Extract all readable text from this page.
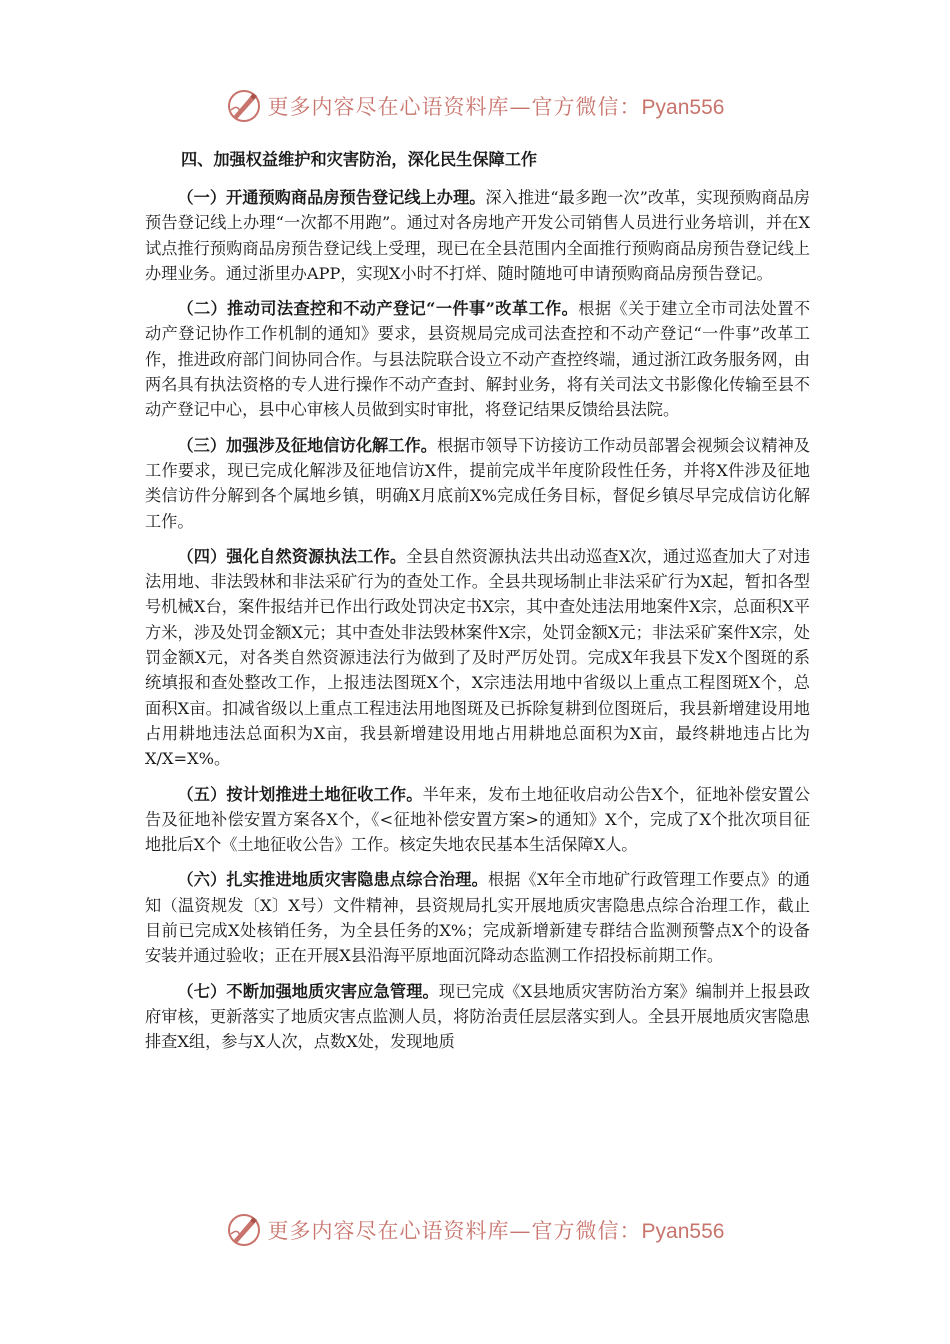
更多内容尽在心语资料库—官方微信：Pyan556
四、加强权益维护和灾害防治，深化民生保障工作

（一）开通预购商品房预告登记线上办理。深入推进“最多跑一次”改革，实现预购商品房预告登记线上办理“一次都不用跑”。通过对各房地产开发公司销售人员进行业务培训，并在X试点推行预购商品房预告登记线上受理，现已在全县范围内全面推行预购商品房预告登记线上办理业务。通过浙里办APP，实现X小时不打烊、随时随地可申请预购商品房预告登记。

（二）推动司法查控和不动产登记“一件事”改革工作。根据《关于建立全市司法处置不动产登记协作工作机制的通知》要求，县资规局完成司法查控和不动产登记“一件事”改革工作，推进政府部门间协同合作。与县法院联合设立不动产查控终端，通过浙江政务服务网，由两名具有执法资格的专人进行操作不动产查封、解封业务，将有关司法文书影像化传输至县不动产登记中心，县中心审核人员做到实时审批，将登记结果反馈给县法院。

（三）加强涉及征地信访化解工作。根据市领导下访接访工作动员部署会视频会议精神及工作要求，现已完成化解涉及征地信访X件，提前完成半年度阶段性任务，并将X件涉及征地类信访件分解到各个属地乡镇，明确X月底前X%完成任务目标，督促乡镇尽早完成信访化解工作。

（四）强化自然资源执法工作。全县自然资源执法共出动巡查X次，通过巡查加大了对违法用地、非法毁林和非法采矿行为的查处工作。全县共现场制止非法采矿行为X起，暂扣各型号机械X台，案件报结并已作出行政处罚决定书X宗，其中查处违法用地案件X宗，总面积X平方米，涉及处罚金额X元；其中查处非法毁林案件X宗，处罚金额X元；非法采矿案件X宗，处罚金额X元，对各类自然资源违法行为做到了及时严厉处罚。完成X年我县下发X个图斑的系统填报和查处整改工作，上报违法图斑X个，X宗违法用地中省级以上重点工程图斑X个，总面积X亩。扣减省级以上重点工程违法用地图斑及已拆除复耕到位图斑后，我县新增建设用地占用耕地违法总面积为X亩，我县新增建设用地占用耕地总面积为X亩，最终耕地违占比为X/X=X%。

（五）按计划推进土地征收工作。半年来，发布土地征收启动公告X个，征地补偿安置公告及征地补偿安置方案各X个，《<征地补偿安置方案>的通知》X个，完成了X个批次项目征地批后X个《土地征收公告》工作。核定失地农民基本生活保障X人。

（六）扎实推进地质灾害隐患点综合治理。根据《X年全市地矿行政管理工作要点》的通知（温资规发〔X〕X号）文件精神，县资规局扎实开展地质灾害隐患点综合治理工作，截止目前已完成X处核销任务，为全县任务的X%；完成新增新建专群结合监测预警点X个的设备安装并通过验收；正在开展X县沿海平原地面沉降动态监测工作招投标前期工作。

（七）不断加强地质灾害应急管理。现已完成《X县地质灾害防治方案》编制并上报县政府审核，更新落实了地质灾害点监测人员，将防治责任层层落实到人。全县开展地质灾害隐患排查X组，参与X人次，点数X处，发现地质

更多内容尽在心语资料库—官方微信：Pyan556
